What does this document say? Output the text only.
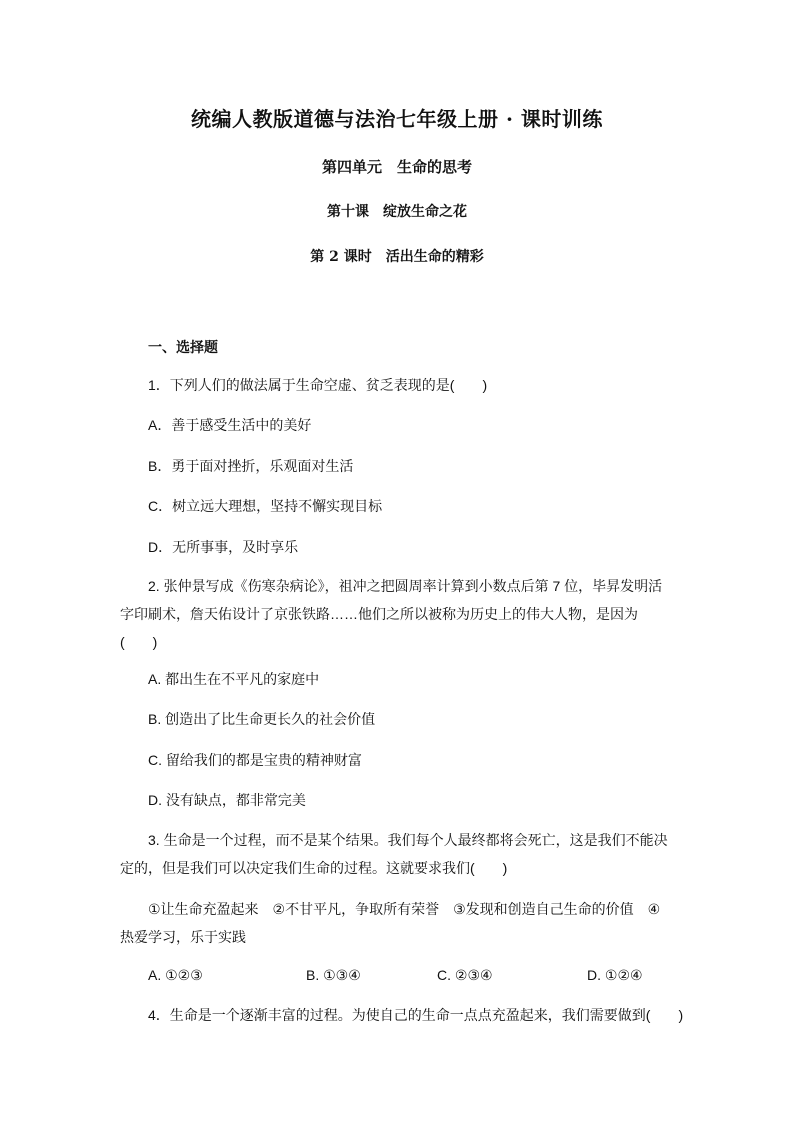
统编人教版道德与法治七年级上册 · 课时训练
第四单元　生命的思考
第十课　绽放生命之花
第 2 课时　活出生命的精彩
一、选择题
1．下列人们的做法属于生命空虚、贫乏表现的是(　　)
A．善于感受生活中的美好
B．勇于面对挫折，乐观面对生活
C．树立远大理想，坚持不懈实现目标
D．无所事事，及时享乐
2. 张仲景写成《伤寒杂病论》，祖冲之把圆周率计算到小数点后第 7 位，毕昇发明活
字印刷术，詹天佑设计了京张铁路……他们之所以被称为历史上的伟大人物，是因为
(　　)
A. 都出生在不平凡的家庭中
B. 创造出了比生命更长久的社会价值
C. 留给我们的都是宝贵的精神财富
D. 没有缺点，都非常完美
3. 生命是一个过程，而不是某个结果。我们每个人最终都将会死亡，这是我们不能决
定的，但是我们可以决定我们生命的过程。这就要求我们(　　)
①让生命充盈起来　②不甘平凡，争取所有荣誉　③发现和创造自己生命的价值　④
热爱学习，乐于实践
A. ①②③	B. ①③④	C. ②③④	D. ①②④
4．生命是一个逐渐丰富的过程。为使自己的生命一点点充盈起来，我们需要做到(　　)
